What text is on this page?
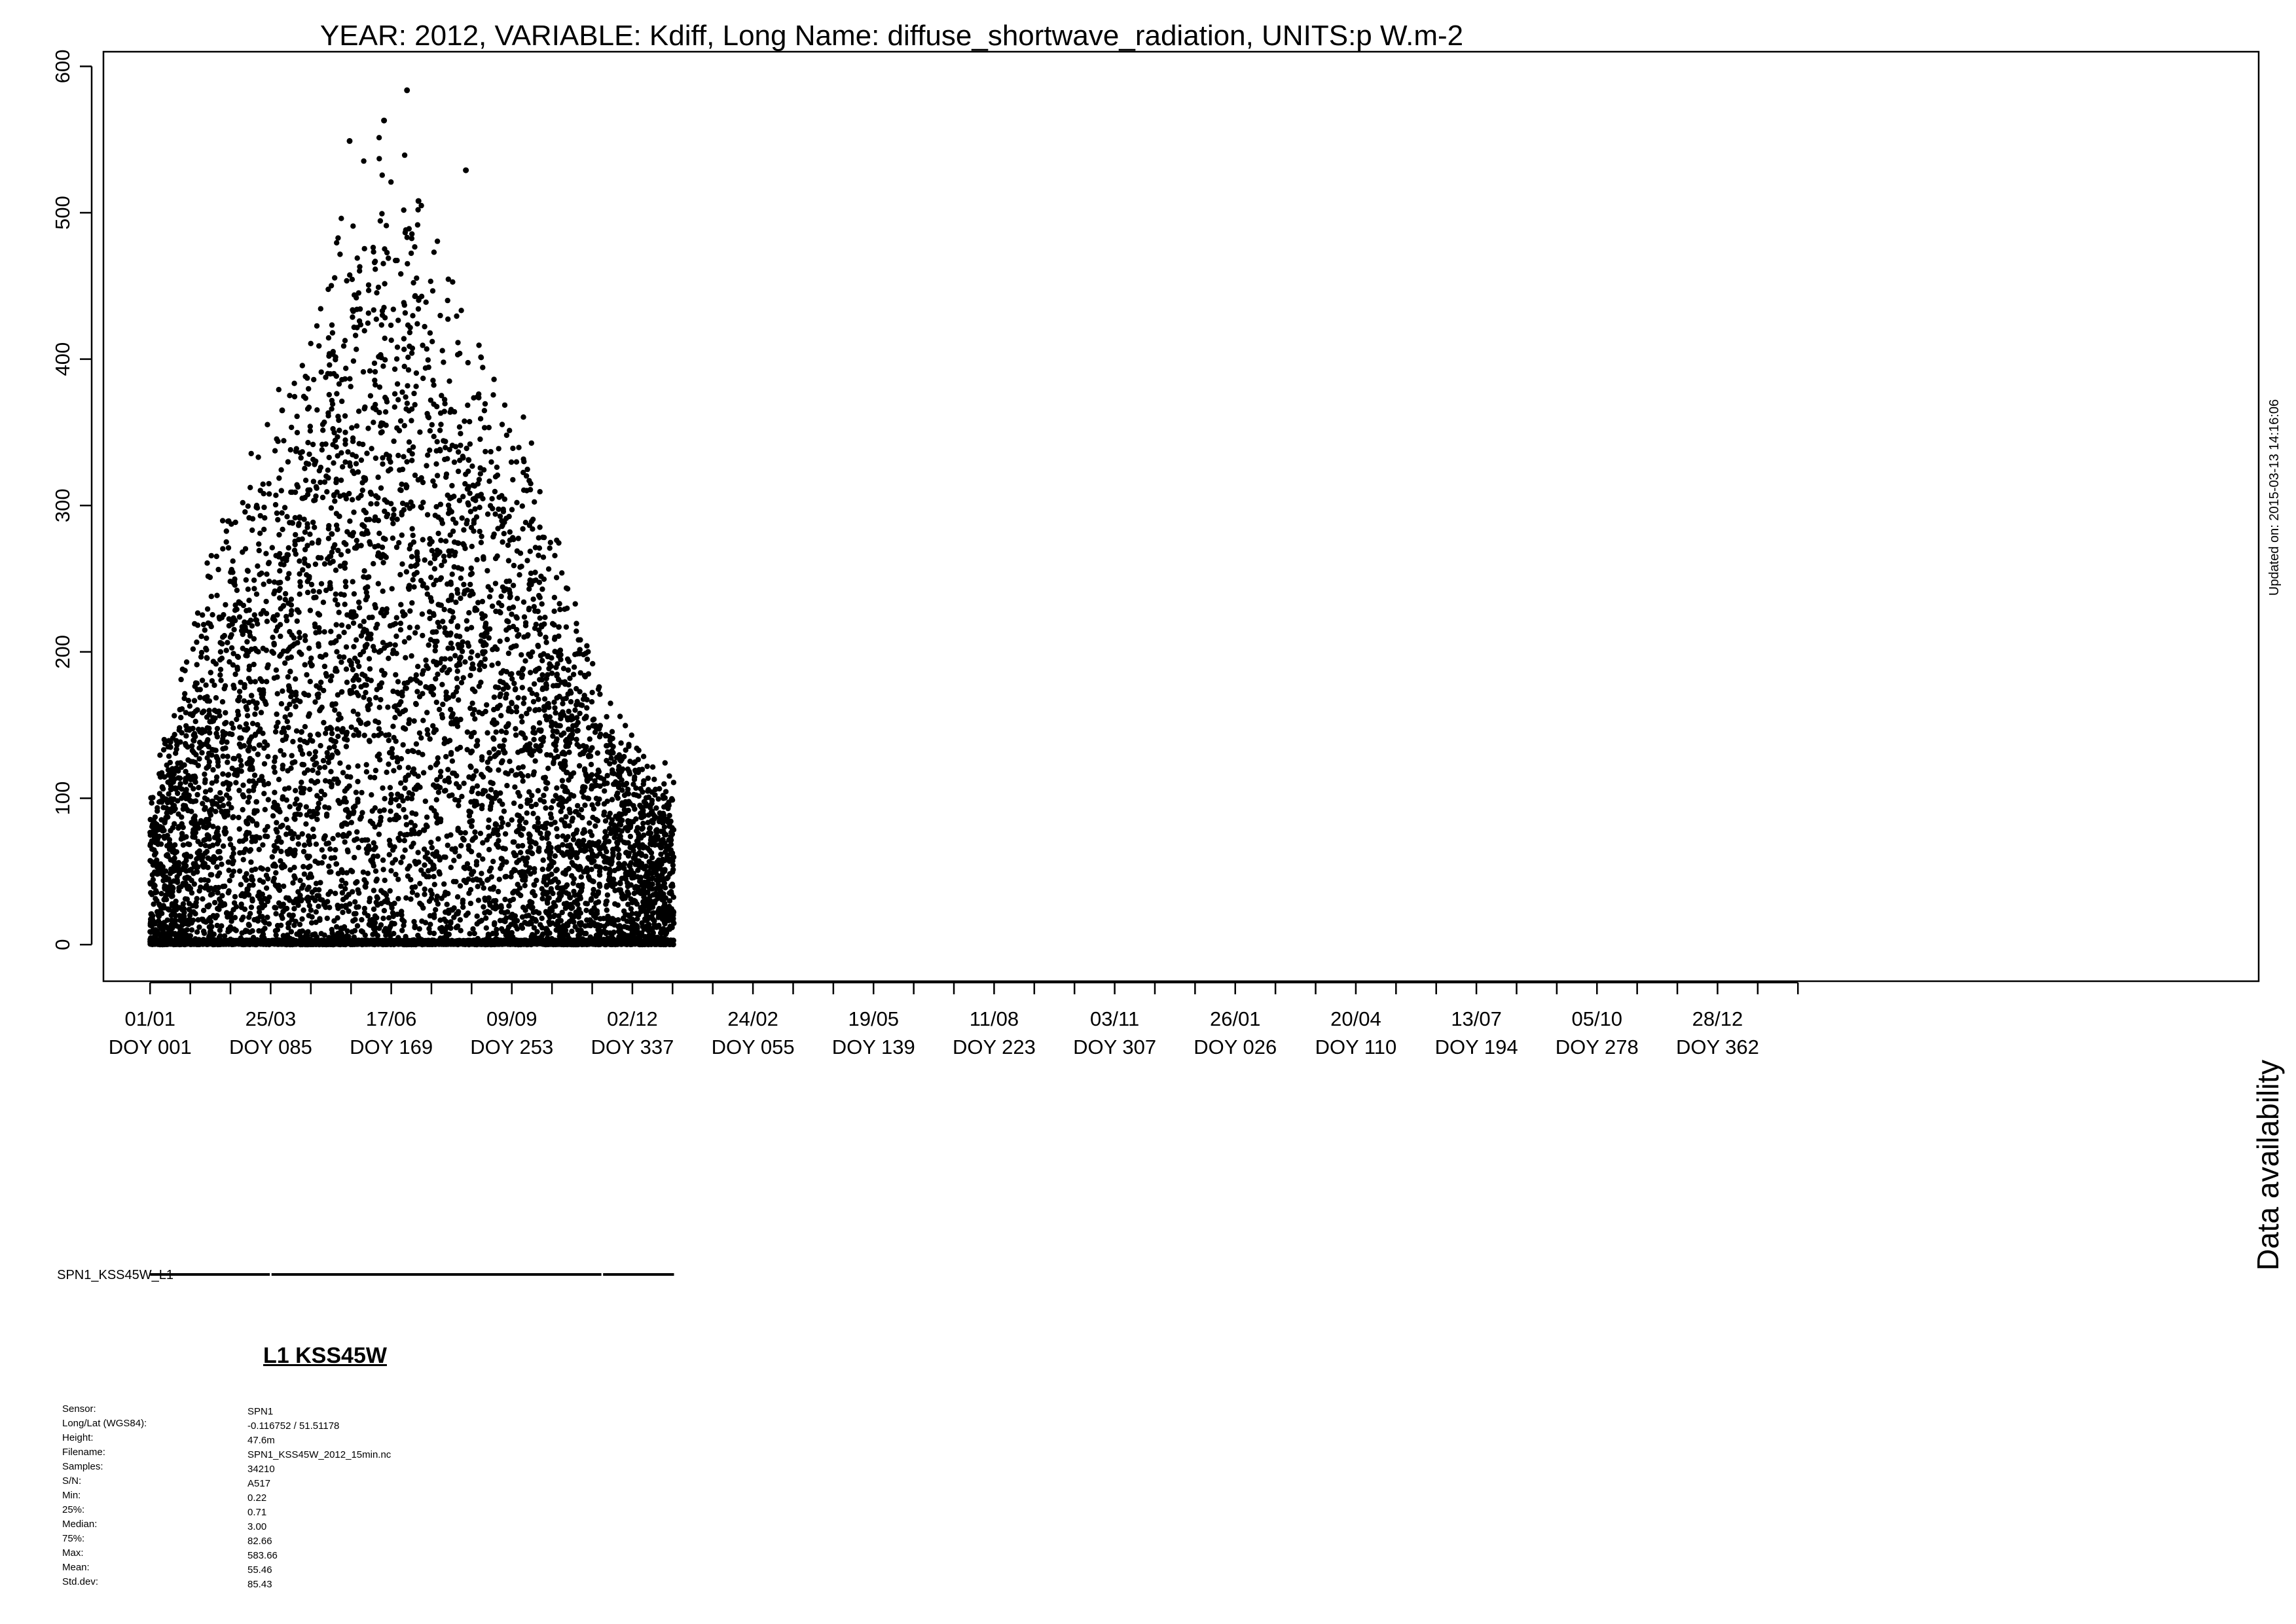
YEAR: 2012, VARIABLE: Kdiff, Long Name: diffuse_shortwave_radiation, UNITS:p W.m-2
0
100
200
300
400
500
600
01/01
DOY 001
25/03
DOY 085
17/06
DOY 169
09/09
DOY 253
02/12
DOY 337
24/02
DOY 055
19/05
DOY 139
11/08
DOY 223
03/11
DOY 307
26/01
DOY 026
20/04
DOY 110
13/07
DOY 194
05/10
DOY 278
28/12
DOY 362
Updated on: 2015-03-13 14:16:06
Data availability
SPN1_KSS45W_L1
L1 KSS45W
Sensor:	SPN1
Long/Lat (WGS84):	-0.116752 / 51.51178
Height:	47.6m
Filename:	SPN1_KSS45W_2012_15min.nc
Samples:	34210
S/N:	A517
Min:	0.22
25%:	0.71
Median:	3.00
75%:	82.66
Max:	583.66
Mean:	55.46
Std.dev:	85.43
